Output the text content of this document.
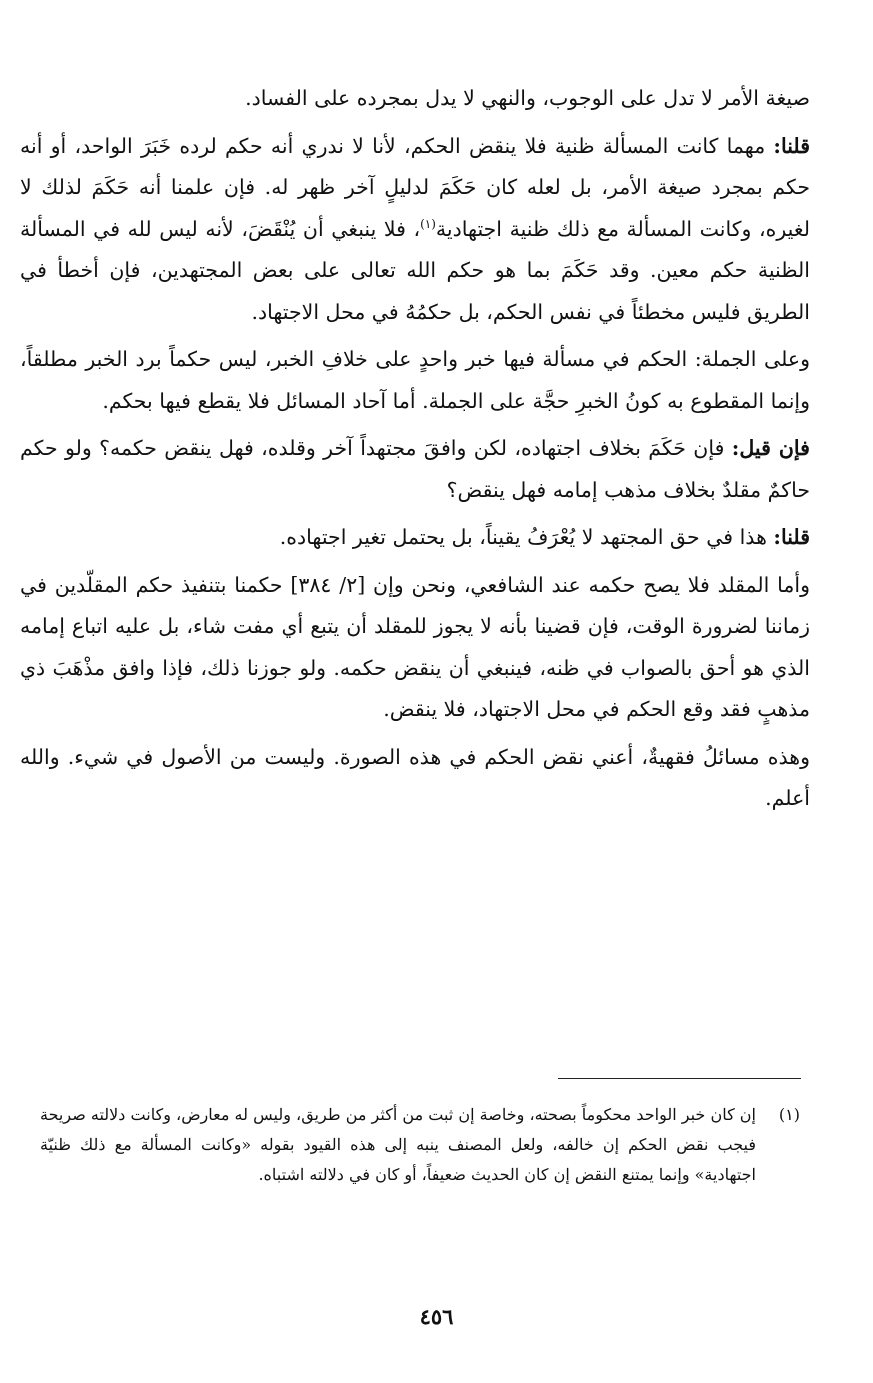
صيغة الأمر لا تدل على الوجوب، والنهي لا يدل بمجرده على الفساد.

قلنا: مهما كانت المسألة ظنية فلا ينقض الحكم، لأنا لا ندري أنه حكم لرده خَبَرَ الواحد، أو أنه حكم بمجرد صيغة الأمر، بل لعله كان حَكَمَ لدليلٍ آخر ظهر له. فإن علمنا أنه حَكَمَ لذلك لا لغيره، وكانت المسألة مع ذلك ظنية اجتهادية$^{(١)}$، فلا ينبغي أن يُنْقَضَ، لأنه ليس لله في المسألة الظنية حكم معين. وقد حَكَمَ بما هو حكم الله تعالى على بعض المجتهدين، فإن أخطأ في الطريق فليس مخطئاً في نفس الحكم، بل حكمُهُ في محل الاجتهاد.

وعلى الجملة: الحكم في مسألة فيها خبر واحدٍ على خلافِ الخبر، ليس حكماً برد الخبر مطلقاً، وإنما المقطوع به كونُ الخبرِ حجَّة على الجملة. أما آحاد المسائل فلا يقطع فيها بحكم.

فإن قيل: فإن حَكَمَ بخلاف اجتهاده، لكن وافقَ مجتهداً آخر وقلده، فهل ينقض حكمه؟ ولو حكم حاكمٌ مقلدٌ بخلاف مذهب إمامه فهل ينقض؟

قلنا: هذا في حق المجتهد لا يُعْرَفُ يقيناً، بل يحتمل تغير اجتهاده.

وأما المقلد فلا يصح حكمه عند الشافعي، ونحن وإن [٢/ ٣٨٤] حكمنا بتنفيذ حكم المقلّدين في زماننا لضرورة الوقت، فإن قضينا بأنه لا يجوز للمقلد أن يتبع أي مفت شاء، بل عليه اتباع إمامه الذي هو أحق بالصواب في ظنه، فينبغي أن ينقض حكمه. ولو جوزنا ذلك، فإذا وافق مذْهَبَ ذي مذهبٍ فقد وقع الحكم في محل الاجتهاد، فلا ينقض.

وهذه مسائلُ فقهيةٌ، أعني نقض الحكم في هذه الصورة. وليست من الأصول في شيء. والله أعلم.

(١)
إن كان خبر الواحد محكوماً بصحته، وخاصة إن ثبت من أكثر من طريق، وليس له معارض، وكانت دلالته صريحة فيجب نقض الحكم إن خالفه، ولعل المصنف ينبه إلى هذه القيود بقوله «وكانت المسألة مع ذلك ظنيّة اجتهادية» وإنما يمتنع النقض إن كان الحديث ضعيفاً، أو كان في دلالته اشتباه.
٤٥٦
